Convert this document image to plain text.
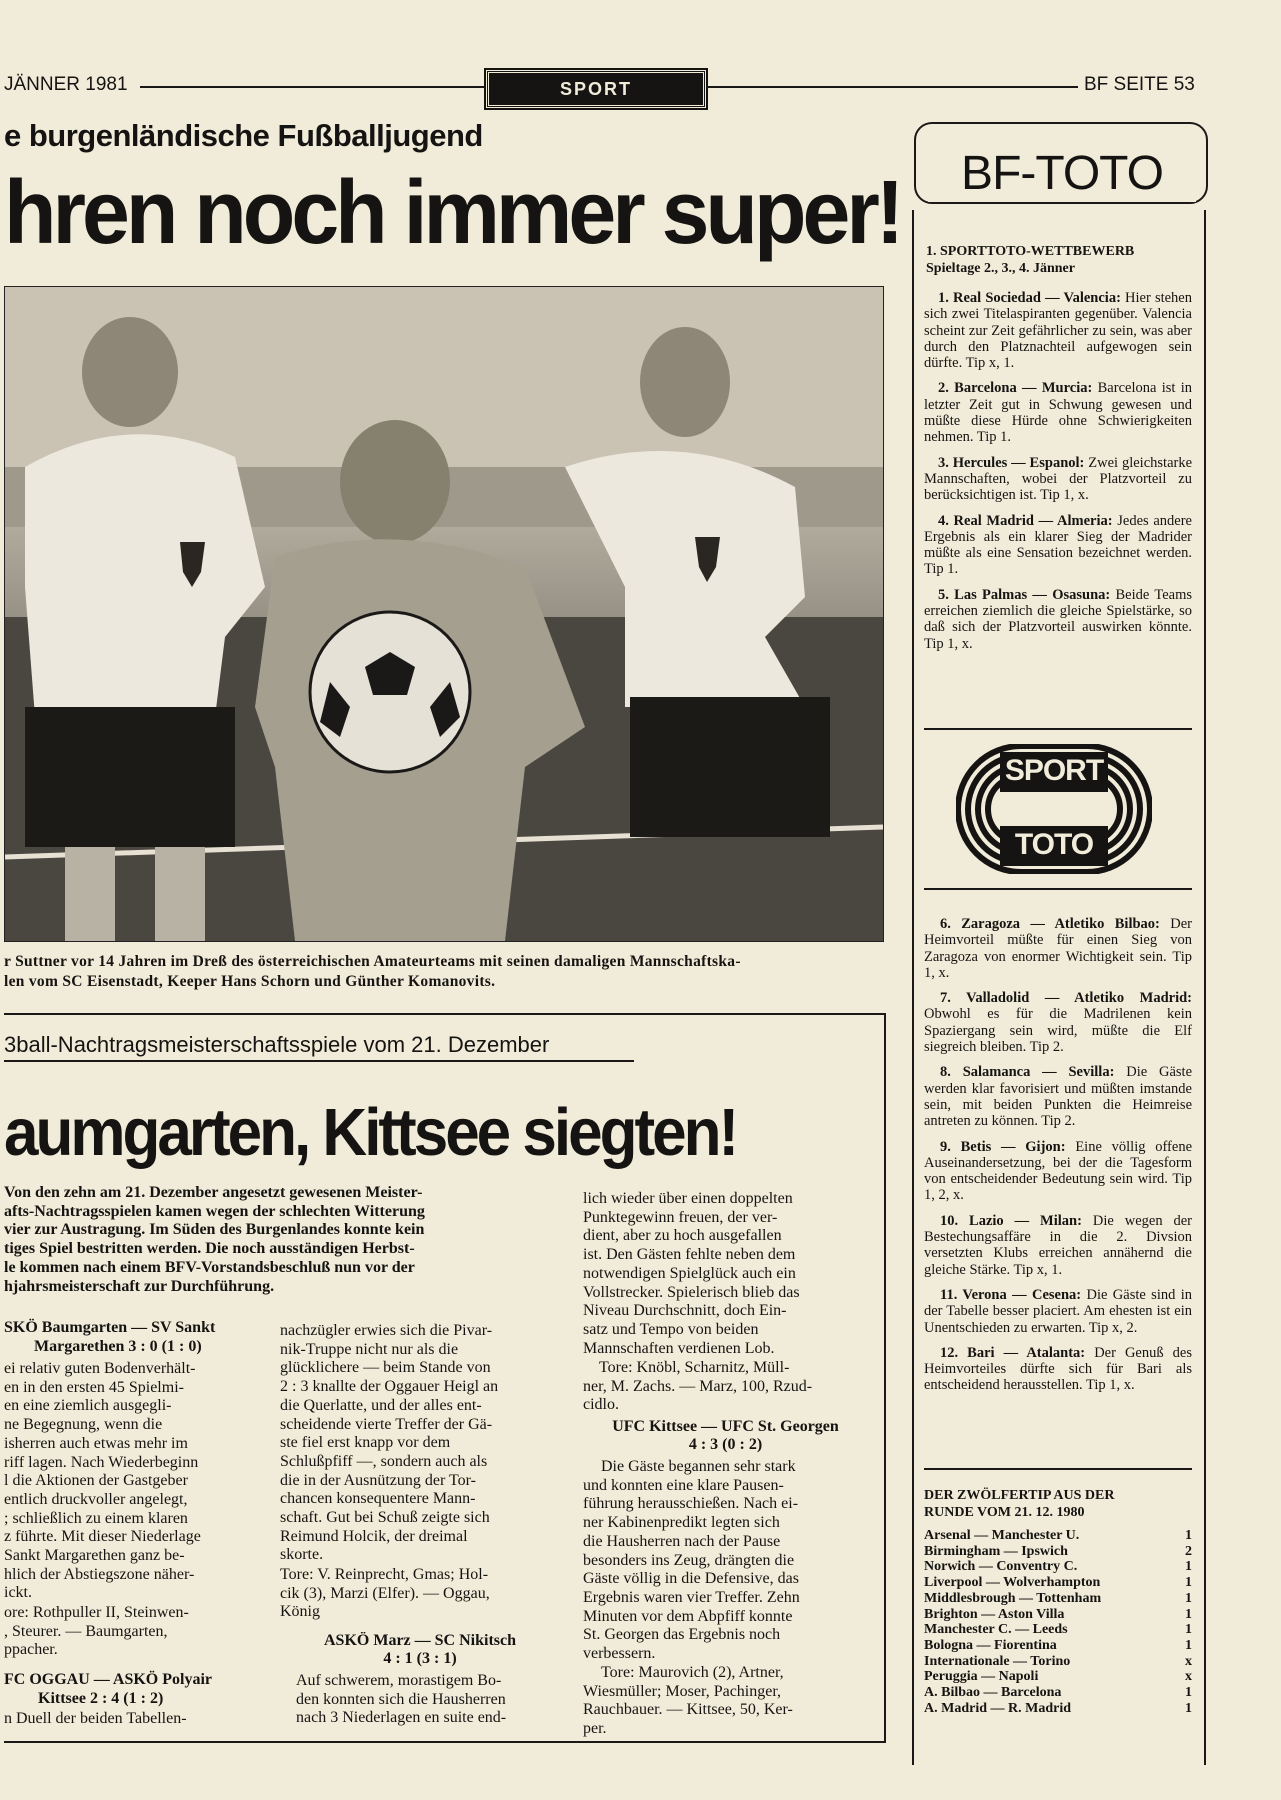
JÄNNER 1981	SPORT	BF SEITE 53
e burgenländische Fußballjugend
hren noch immer super!
r Suttner vor 14 Jahren im Dreß des österreichischen Amateurteams mit seinen damaligen Mannschaftska-
len vom SC Eisenstadt, Keeper Hans Schorn und Günther Komanovits.
3ball-Nachtragsmeisterschaftsspiele vom 21. Dezember
aumgarten, Kittsee siegten!
Von den zehn am 21. Dezember angesetzt gewesenen Meister-
afts-Nachtragsspielen kamen wegen der schlechten Witterung
vier zur Austragung. Im Süden des Burgenlandes konnte kein
tiges Spiel bestritten werden. Die noch ausständigen Herbst-
le kommen nach einem BFV-Vorstandsbeschluß nun vor der
hjahrsmeisterschaft zur Durchführung.
SKÖ Baumgarten — SV Sankt
Margarethen 3 : 0 (1 : 0)
ei relativ guten Bodenverhält-
en in den ersten 45 Spielmi-
en eine ziemlich ausgegli-
ne Begegnung, wenn die
isherren auch etwas mehr im
riff lagen. Nach Wiederbeginn
l die Aktionen der Gastgeber
entlich druckvoller angelegt,
; schließlich zu einem klaren
z führte. Mit dieser Niederlage
Sankt Margarethen ganz be-
hlich der Abstiegszone näher-
ickt.
ore: Rothpuller II, Steinwen-
, Steurer. — Baumgarten,
ppacher.
FC OGGAU — ASKÖ Polyair
Kittsee 2 : 4 (1 : 2)
n Duell der beiden Tabellen-
nachzügler erwies sich die Pivar-
nik-Truppe nicht nur als die
glücklichere — beim Stande von
2 : 3 knallte der Oggauer Heigl an
die Querlatte, und der alles ent-
scheidende vierte Treffer der Gä-
ste fiel erst knapp vor dem
Schlußpfiff —, sondern auch als
die in der Ausnützung der Tor-
chancen konsequentere Mann-
schaft. Gut bei Schuß zeigte sich
Reimund Holcik, der dreimal
skorte.
Tore: V. Reinprecht, Gmas; Hol-
cik (3), Marzi (Elfer). — Oggau,
König
ASKÖ Marz — SC Nikitsch
4 : 1 (3 : 1)
Auf schwerem, morastigem Bo-
den konnten sich die Hausherren
nach 3 Niederlagen en suite end-
lich wieder über einen doppelten
Punktegewinn freuen, der ver-
dient, aber zu hoch ausgefallen
ist. Den Gästen fehlte neben dem
notwendigen Spielglück auch ein
Vollstrecker. Spielerisch blieb das
Niveau Durchschnitt, doch Ein-
satz und Tempo von beiden
Mannschaften verdienen Lob.
Tore: Knöbl, Scharnitz, Müll-
ner, M. Zachs. — Marz, 100, Rzud-
cidlo.
UFC Kittsee — UFC St. Georgen
4 : 3 (0 : 2)
Die Gäste begannen sehr stark
und konnten eine klare Pausen-
führung herausschießen. Nach ei-
ner Kabinenpredikt legten sich
die Hausherren nach der Pause
besonders ins Zeug, drängten die
Gäste völlig in die Defensive, das
Ergebnis waren vier Treffer. Zehn
Minuten vor dem Abpfiff konnte
St. Georgen das Ergebnis noch
verbessern.
Tore: Maurovich (2), Artner,
Wiesmüller; Moser, Pachinger,
Rauchbauer. — Kittsee, 50, Ker-
per.
BF-TOTO
1. SPORTTOTO-WETTBEWERB
Spieltage 2., 3., 4. Jänner
1. Real Sociedad — Valencia: Hier stehen sich zwei Titelaspiranten gegenüber. Valencia scheint zur Zeit gefährlicher zu sein, was aber durch den Platznachteil aufgewogen sein dürfte. Tip x, 1.
2. Barcelona — Murcia: Barcelona ist in letzter Zeit gut in Schwung gewesen und müßte diese Hürde ohne Schwierigkeiten nehmen. Tip 1.
3. Hercules — Espanol: Zwei gleichstarke Mannschaften, wobei der Platzvorteil zu berücksichtigen ist. Tip 1, x.
4. Real Madrid — Almeria: Jedes andere Ergebnis als ein klarer Sieg der Madrider müßte als eine Sensation bezeichnet werden. Tip 1.
5. Las Palmas — Osasuna: Beide Teams erreichen ziemlich die gleiche Spielstärke, so daß sich der Platzvorteil auswirken könnte. Tip 1, x.
SPORT
TOTO
6. Zaragoza — Atletiko Bilbao: Der Heimvorteil müßte für einen Sieg von Zaragoza von enormer Wichtigkeit sein. Tip 1, x.
7. Valladolid — Atletiko Madrid: Obwohl es für die Madrilenen kein Spaziergang sein wird, müßte die Elf siegreich bleiben. Tip 2.
8. Salamanca — Sevilla: Die Gäste werden klar favorisiert und müßten imstande sein, mit beiden Punkten die Heimreise antreten zu können. Tip 2.
9. Betis — Gijon: Eine völlig offene Auseinandersetzung, bei der die Tagesform von entscheidender Bedeutung sein wird. Tip 1, 2, x.
10. Lazio — Milan: Die wegen der Bestechungsaffäre in die 2. Divsion versetzten Klubs erreichen annähernd die gleiche Stärke. Tip x, 1.
11. Verona — Cesena: Die Gäste sind in der Tabelle besser placiert. Am ehesten ist ein Unentschieden zu erwarten. Tip x, 2.
12. Bari — Atalanta: Der Genuß des Heimvorteiles dürfte sich für Bari als entscheidend herausstellen. Tip 1, x.
DER ZWÖLFERTIP AUS DER
RUNDE VOM 21. 12. 1980
Arsenal — Manchester U.	1
Birmingham — Ipswich	2
Norwich — Conventry C.	1
Liverpool — Wolverhampton	1
Middlesbrough — Tottenham	1
Brighton — Aston Villa	1
Manchester C. — Leeds	1
Bologna — Fiorentina	1
Internationale — Torino	x
Peruggia — Napoli	x
A. Bilbao — Barcelona	1
A. Madrid — R. Madrid	1
